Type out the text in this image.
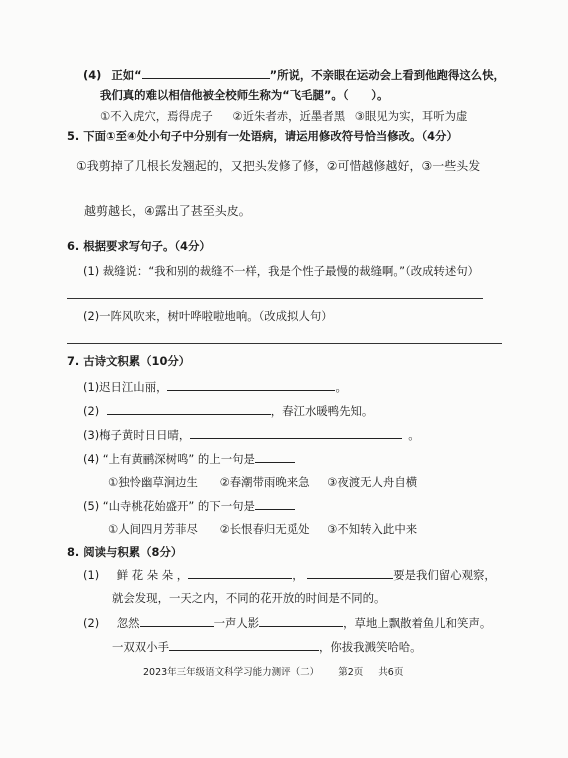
(4) 正如“	”所说，不亲眼在运动会上看到他跑得这么快，
我们真的难以相信他被全校师生称为“飞毛腿”。（　　）。
①不入虎穴，焉得虎子 ②近朱者赤，近墨者黑 ③眼见为实，耳听为虚
5. 下面①至④处小句子中分别有一处语病，请运用修改符号恰当修改。（4分）
①我剪掉了几根长发翘起的，又把头发修了修，②可惜越修越好，③一些头发
越剪越长，④露出了甚至头皮。
6. 根据要求写句子。（4分）
(1) 裁缝说：“我和别的裁缝不一样，我是个性子最慢的裁缝啊。”（改成转述句）
(2)一阵风吹来，树叶哗啦啦地响。（改成拟人句）
7. 古诗文积累（10分）
(1)迟日江山丽，	。
(2)	，春江水暖鸭先知。
(3)梅子黄时日日晴，	。
(4) “上有黄鹂深树鸣” 的上一句是
①独怜幽草涧边生 ②春潮带雨晚来急 ③夜渡无人舟自横
(5) “山寺桃花始盛开” 的下一句是
①人间四月芳菲尽 ②长恨春归无觅处 ③不知转入此中来
8. 阅读与积累（8分）
(1) 鲜 花 朵 朵 ，	，	要是我们留心观察，
就会发现，一天之内，不同的花开放的时间是不同的。
(2) 忽然	一声人影	，草地上飘散着鱼儿和笑声。
一双双小手	，你拔我溅笑哈哈。
2023年三年级语文科学习能力测评（二） 第2页 共6页
